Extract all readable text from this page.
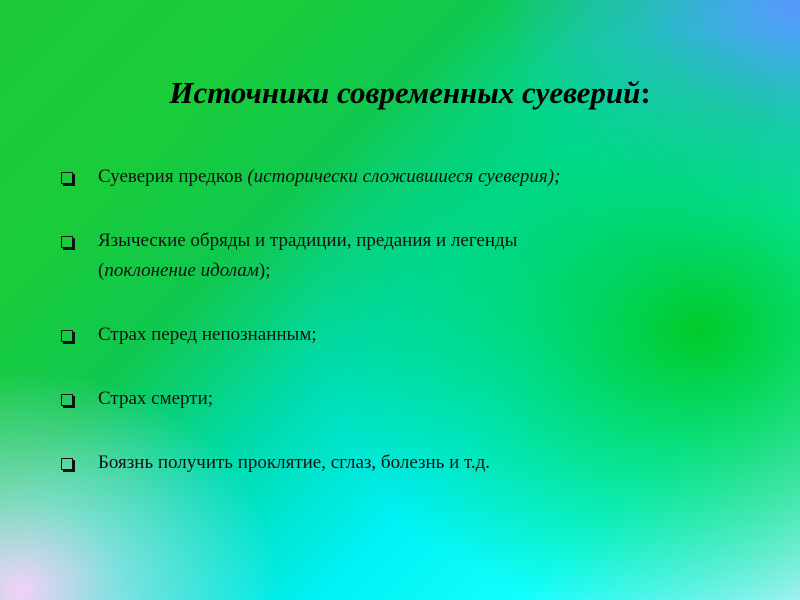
Источники современных суеверий:
Суеверия предков (исторически сложившиеся суеверия);
Языческие обряды и традиции, предания и легенды
(поклонение идолам);
Страх перед непознанным;
Страх смерти;
Боязнь получить проклятие, сглаз, болезнь и т.д.
